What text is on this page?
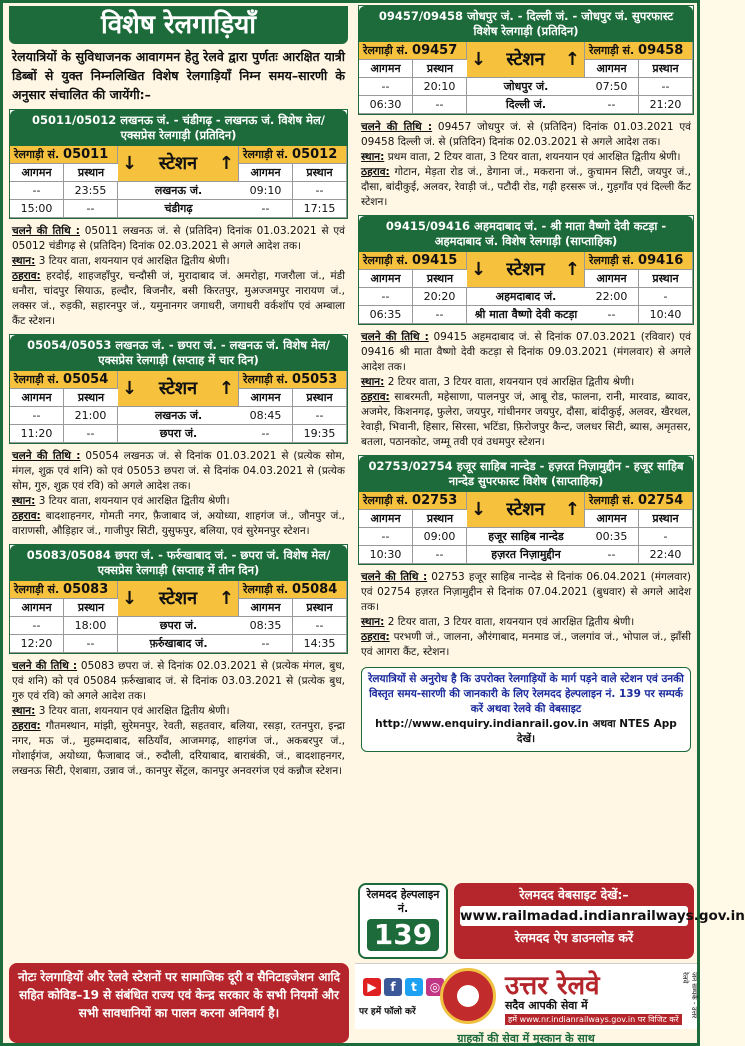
विशेष रेलगाड़ियाँ
रेलयात्रियों के सुविधाजनक आवागमन हेतु रेलवे द्वारा पुर्णतः आरक्षित यात्री डिब्बों से युक्त निम्नलिखित विशेष रेलगाड़ियाँ निम्न समय–सारणी के अनुसार संचालित की जायेंगी:–
05011/05012 लखनऊ जं. - चंडीगढ़ - लखनऊ जं. विशेष मेल/एक्सप्रेस रेलगाड़ी (प्रतिदिन)
रेलगाड़ी सं. 05011 ↓ स्टेशन ↑ रेलगाड़ी सं. 05012
आगमन	प्रस्थान	आगमन	प्रस्थान
--	23:55	लखनऊ जं.	09:10	--
15:00	--	चंडीगढ़	--	17:15
चलने की तिथि : 05011 लखनऊ जं. से (प्रतिदिन) दिनांक 01.03.2021 से एवं 05012 चंडीगढ़ से (प्रतिदिन) दिनांक 02.03.2021 से अगले आदेश तक।
स्थान: 3 टियर वाता, शयनयान एवं आरक्षित द्वितीय श्रेणी।
ठहराव: हरदोई, शाहजहाँपुर, चन्दौसी जं, मुरादाबाद जं. अमरोहा, गजरौला जं., मंडी धनौरा, चांदपुर सियाऊ, हल्दौर, बिजनौर, बसी किरतपुर, मुअज्जमपुर नारायण जं., लक्सर जं., रुड़की, सहारनपुर जं., यमुनानगर जगाधरी, जगाधरी वर्कशॉप एवं अम्बाला कैंट स्टेशन।
05054/05053 लखनऊ जं. - छपरा जं. - लखनऊ जं. विशेष मेल/एक्सप्रेस रेलगाड़ी (सप्ताह में चार दिन)
रेलगाड़ी सं. 05054 ↓ स्टेशन ↑ रेलगाड़ी सं. 05053
आगमन	प्रस्थान	आगमन	प्रस्थान
--	21:00	लखनऊ जं.	08:45	--
11:20	--	छपरा जं.	--	19:35
चलने की तिथि : 05054 लखनऊ जं. से दिनांक 01.03.2021 से (प्रत्येक सोम, मंगल, शुक्र एवं शनि) को एवं 05053 छपरा जं. से दिनांक 04.03.2021 से (प्रत्येक सोम, गुरु, शुक्र एवं रवि) को अगले आदेश तक।
स्थान: 3 टियर वाता, शयनयान एवं आरक्षित द्वितीय श्रेणी।
ठहराव: बादशाहनगर, गोमती नगर, फ़ैजाबाद जं, अयोध्या, शाहगंज जं., जौनपुर जं., वाराणसी, औड़िहार जं., गाजीपुर सिटी, युसुफपुर, बलिया, एवं सुरेमनपुर स्टेशन।
05083/05084 छपरा जं. - फर्रुखाबाद जं. - छपरा जं. विशेष मेल/एक्सप्रेस रेलगाड़ी (सप्ताह में तीन दिन)
रेलगाड़ी सं. 05083 ↓ स्टेशन ↑ रेलगाड़ी सं. 05084
आगमन	प्रस्थान	आगमन	प्रस्थान
--	18:00	छपरा जं.	08:35	--
12:20	--	फ़र्रुखाबाद जं.	--	14:35
चलने की तिथि : 05083 छपरा जं. से दिनांक 02.03.2021 से (प्रत्येक मंगल, बुध, एवं शनि) को एवं 05084 फ़र्रुखाबाद जं. से दिनांक 03.03.2021 से (प्रत्येक बुध, गुरु एवं रवि) को अगले आदेश तक।
स्थान: 3 टियर वाता, शयनयान एवं आरक्षित द्वितीय श्रेणी।
ठहराव: गौतमस्थान, मांझी, सुरेमनपुर, रेवती, सहतवार, बलिया, रसड़ा, रतनपुरा, इन्द्रा नगर, मऊ जं., मुहम्मदाबाद, सठियाँव, आजमगढ़, शाहगंज जं., अकबरपुर जं., गोशाईगंज, अयोध्या, फैजाबाद जं., रुदौली, दरियाबाद, बाराबंकी, जं., बादशाहनगर, लखनऊ सिटी, ऐशबाग़, उन्नाव जं., कानपुर सेंट्रल, कानपुर अनवरगंज एवं कन्नौज स्टेशन।
09457/09458 जोधपुर जं. - दिल्ली जं. - जोधपुर जं. सुपरफास्ट विशेष रेलगाड़ी (प्रतिदिन)
रेलगाड़ी सं. 09457 ↓ स्टेशन ↑ रेलगाड़ी सं. 09458
आगमन	प्रस्थान	आगमन	प्रस्थान
--	20:10	जोधपुर जं.	07:50	--
06:30	--	दिल्ली जं.	--	21:20
चलने की तिथि : 09457 जोधपुर जं. से (प्रतिदिन) दिनांक 01.03.2021 एवं 09458 दिल्ली जं. से (प्रतिदिन) दिनांक 02.03.2021 से अगले आदेश तक।
स्थान: प्रथम वाता, 2 टियर वाता, 3 टियर वाता, शयनयान एवं आरक्षित द्वितीय श्रेणी।
ठहराव: गोटान, मेड़ता रोड जं., डेगाना जं., मकराना जं., कुचामन सिटी, जयपुर जं., दौसा, बांदीकुई, अलवर, रेवाड़ी जं., पटौदी रोड, गढ़ी हरसरू जं., गुड़गाँव एवं दिल्ली कैंट स्टेशन।
09415/09416 अहमदाबाद जं. - श्री माता वैष्णो देवी कटड़ा - अहमदाबाद जं. विशेष रेलगाड़ी (साप्ताहिक)
रेलगाड़ी सं. 09415 ↓ स्टेशन ↑ रेलगाड़ी सं. 09416
आगमन	प्रस्थान	आगमन	प्रस्थान
--	20:20	अहमदाबाद जं.	22:00	-
06:35	--	श्री माता वैष्णो देवी कटड़ा	--	10:40
चलने की तिथि : 09415 अहमदाबाद जं. से दिनांक 07.03.2021 (रविवार) एवं 09416 श्री माता वैष्णो देवी कटड़ा से दिनांक 09.03.2021 (मंगलवार) से अगले आदेश तक।
स्थान: 2 टियर वाता, 3 टियर वाता, शयनयान एवं आरक्षित द्वितीय श्रेणी।
ठहराव: साबरमती, महेसाणा, पालनपुर जं, आबू रोड, फालना, रानी, मारवाड, ब्यावर, अजमेर, किशनगढ़, फुलेरा, जयपुर, गांधीनगर जयपुर, दौसा, बांदीकुई, अलवर, खैरथल, रेवाड़ी, भिवानी, हिसार, सिरसा, भटिंडा, फ़िरोजपुर कैन्ट, जलधर सिटी, ब्यास, अमृतसर, बतला, पठानकोट, जम्मू तवी एवं उधमपुर स्टेशन।
02753/02754 हजूर साहिब नान्देड - हज़रत निज़ामुद्दीन - हजूर साहिब नान्देड सुपरफास्ट विशेष (साप्ताहिक)
रेलगाड़ी सं. 02753 ↓ स्टेशन ↑ रेलगाड़ी सं. 02754
आगमन	प्रस्थान	आगमन	प्रस्थान
--	09:00	हजूर साहिब नान्देड	00:35	-
10:30	--	हज़रत निज़ामुद्दीन	--	22:40
चलने की तिथि : 02753 हजूर साहिब नान्देड से दिनांक 06.04.2021 (मंगलवार) एवं 02754 हज़रत निज़ामुद्दीन से दिनांक 07.04.2021 (बुधवार) से अगले आदेश तक।
स्थान: 2 टियर वाता, 3 टियर वाता, शयनयान एवं आरक्षित द्वितीय श्रेणी।
ठहराव: परभणी जं., जालना, औरंगाबाद, मनमाड जं., जलगांव जं., भोपाल जं., झाँसी एवं आगरा कैंट, स्टेशन।
रेलयात्रियों से अनुरोध है कि उपरोक्त रेलगाड़ियों के मार्ग पड़ने वाले स्टेशन एवं उनकी विस्तृत समय-सारणी की जानकारी के लिए रेलमदद हेल्पलाइन नं. 139 पर सम्पर्क करें अथवा रेलवे की वेबसाइट
http://www.enquiry.indianrail.gov.in अथवा NTES App देखें।
रेलमदद हेल्पलाइन नं.
139
रेलमदद वेबसाइट देखें:–
www.railmadad.indianrailways.gov.in
रेलमदद ऐप डाउनलोड करें
नोटः रेलगाड़ियों और रेलवे स्टेशनों पर सामाजिक दूरी व सैनिटाइजेशन आदि सहित कोविड–19 से संबंधित राज्य एवं केन्द्र सरकार के सभी नियमों और सभी सावधानियों का पालन करना अनिवार्य है।
▶	f	t	◎
पर हमें फॉलो करें
उत्तर रेलवे
सदैव आपकी सेवा में
हमें www.nr.indianrailways.gov.in पर विजिट करें
जन सम्पर्क - उत्तर रेलवे
ग्राहकों की सेवा में मुस्कान के साथ
